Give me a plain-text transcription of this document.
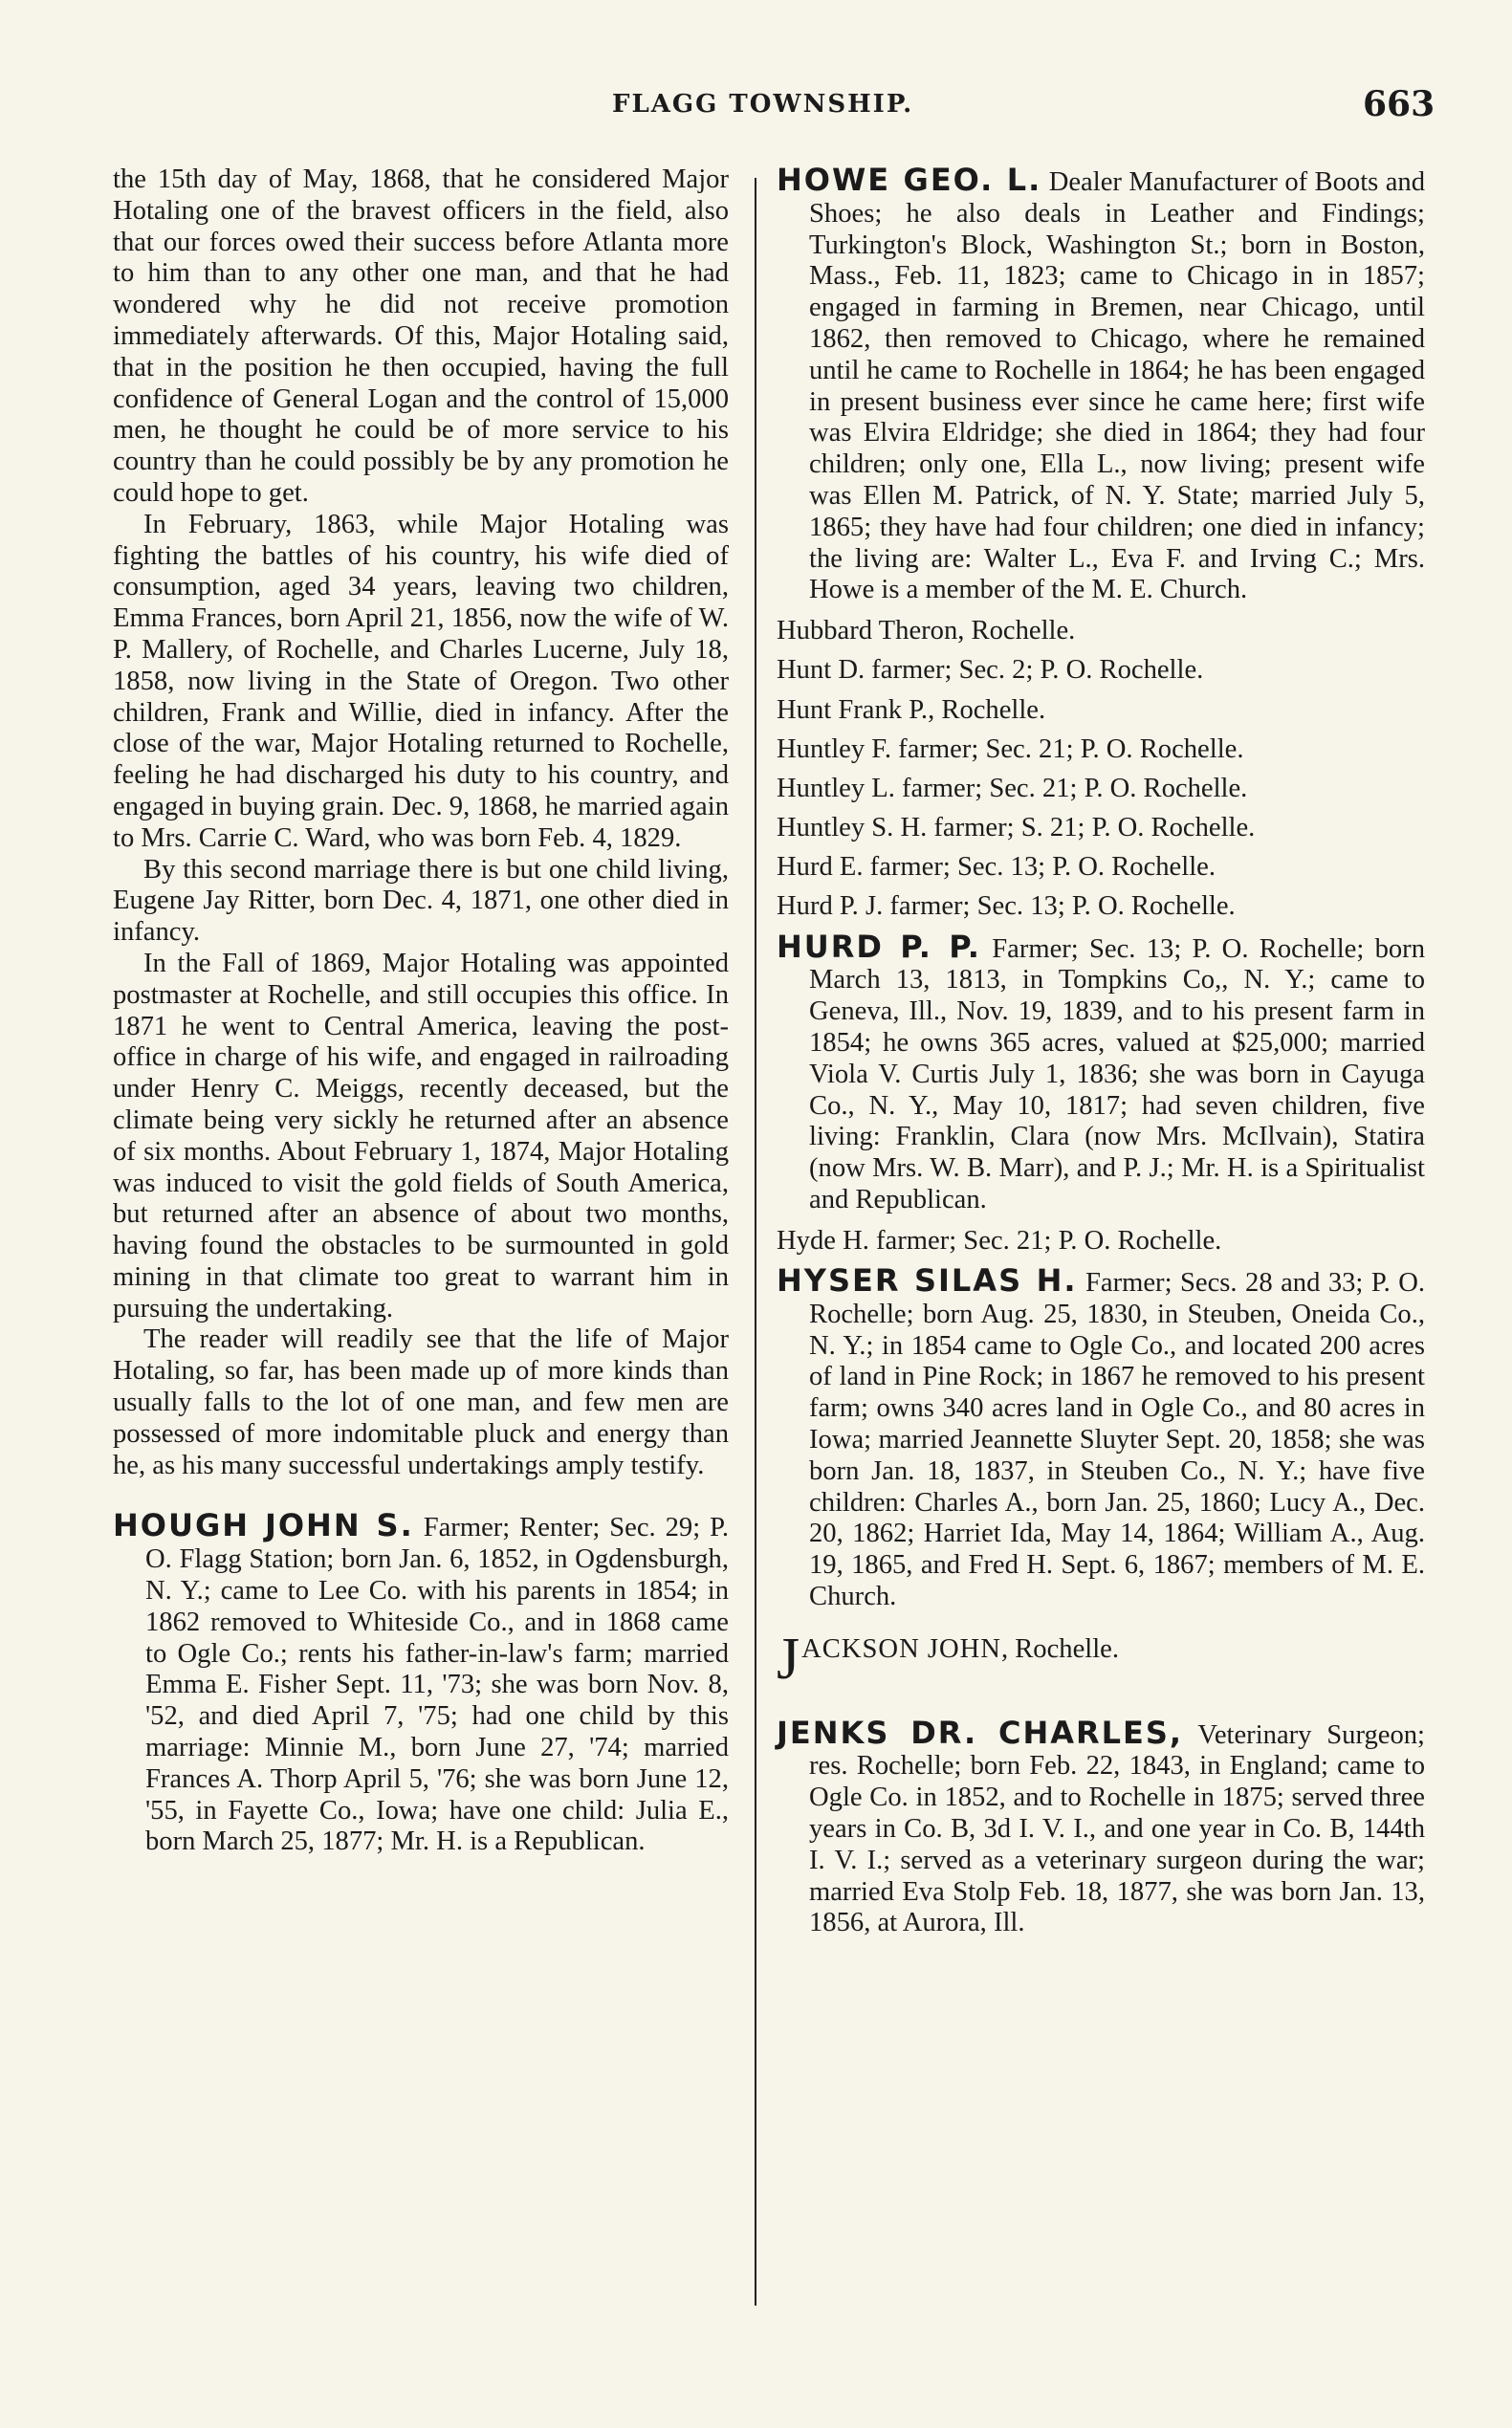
FLAGG TOWNSHIP.	663

the 15th day of May, 1868, that he considered Major Hotaling one of the bravest officers in the field, also that our forces owed their success before Atlanta more to him than to any other one man, and that he had wondered why he did not receive promotion immediately afterwards. Of this, Major Hotaling said, that in the position he then occupied, having the full confidence of General Logan and the control of 15,000 men, he thought he could be of more service to his country than he could possibly be by any promotion he could hope to get.

In February, 1863, while Major Hotaling was fighting the battles of his country, his wife died of consumption, aged 34 years, leaving two children, Emma Frances, born April 21, 1856, now the wife of W. P. Mallery, of Rochelle, and Charles Lucerne, July 18, 1858, now living in the State of Oregon. Two other children, Frank and Willie, died in infancy. After the close of the war, Major Hotaling returned to Rochelle, feeling he had discharged his duty to his country, and engaged in buying grain. Dec. 9, 1868, he married again to Mrs. Carrie C. Ward, who was born Feb. 4, 1829.

By this second marriage there is but one child living, Eugene Jay Ritter, born Dec. 4, 1871, one other died in infancy.

In the Fall of 1869, Major Hotaling was appointed postmaster at Rochelle, and still occupies this office. In 1871 he went to Central America, leaving the post-office in charge of his wife, and engaged in railroading under Henry C. Meiggs, recently deceased, but the climate being very sickly he returned after an absence of six months. About February 1, 1874, Major Hotaling was induced to visit the gold fields of South America, but returned after an absence of about two months, having found the obstacles to be surmounted in gold mining in that climate too great to warrant him in pursuing the undertaking.

The reader will readily see that the life of Major Hotaling, so far, has been made up of more kinds than usually falls to the lot of one man, and few men are possessed of more indomitable pluck and energy than he, as his many successful undertakings amply testify.

HOUGH JOHN S. Farmer; Renter; Sec. 29; P. O. Flagg Station; born Jan. 6, 1852, in Ogdensburgh, N. Y.; came to Lee Co. with his parents in 1854; in 1862 removed to Whiteside Co., and in 1868 came to Ogle Co.; rents his father-in-law's farm; married Emma E. Fisher Sept. 11, '73; she was born Nov. 8, '52, and died April 7, '75; had one child by this marriage: Minnie M., born June 27, '74; married Frances A. Thorp April 5, '76; she was born June 12, '55, in Fayette Co., Iowa; have one child: Julia E., born March 25, 1877; Mr. H. is a Republican.

HOWE GEO. L. Dealer Manufacturer of Boots and Shoes; he also deals in Leather and Findings; Turkington's Block, Washington St.; born in Boston, Mass., Feb. 11, 1823; came to Chicago in in 1857; engaged in farming in Bremen, near Chicago, until 1862, then removed to Chicago, where he remained until he came to Rochelle in 1864; he has been engaged in present business ever since he came here; first wife was Elvira Eldridge; she died in 1864; they had four children; only one, Ella L., now living; present wife was Ellen M. Patrick, of N. Y. State; married July 5, 1865; they have had four children; one died in infancy; the living are: Walter L., Eva F. and Irving C.; Mrs. Howe is a member of the M. E. Church.

Hubbard Theron, Rochelle.

Hunt D. farmer; Sec. 2; P. O. Rochelle.

Hunt Frank P., Rochelle.

Huntley F. farmer; Sec. 21; P. O. Rochelle.

Huntley L. farmer; Sec. 21; P. O. Rochelle.

Huntley S. H. farmer; S. 21; P. O. Rochelle.

Hurd E. farmer; Sec. 13; P. O. Rochelle.

Hurd P. J. farmer; Sec. 13; P. O. Rochelle.

HURD P. P. Farmer; Sec. 13; P. O. Rochelle; born March 13, 1813, in Tompkins Co,, N. Y.; came to Geneva, Ill., Nov. 19, 1839, and to his present farm in 1854; he owns 365 acres, valued at $25,000; married Viola V. Curtis July 1, 1836; she was born in Cayuga Co., N. Y., May 10, 1817; had seven children, five living: Franklin, Clara (now Mrs. McIlvain), Statira (now Mrs. W. B. Marr), and P. J.; Mr. H. is a Spiritualist and Republican.

Hyde H. farmer; Sec. 21; P. O. Rochelle.

HYSER SILAS H. Farmer; Secs. 28 and 33; P. O. Rochelle; born Aug. 25, 1830, in Steuben, Oneida Co., N. Y.; in 1854 came to Ogle Co., and located 200 acres of land in Pine Rock; in 1867 he removed to his present farm; owns 340 acres land in Ogle Co., and 80 acres in Iowa; married Jeannette Sluyter Sept. 20, 1858; she was born Jan. 18, 1837, in Steuben Co., N. Y.; have five children: Charles A., born Jan. 25, 1860; Lucy A., Dec. 20, 1862; Harriet Ida, May 14, 1864; William A., Aug. 19, 1865, and Fred H. Sept. 6, 1867; members of M. E. Church.

JACKSON JOHN, Rochelle.

JENKS DR. CHARLES, Veterinary Surgeon; res. Rochelle; born Feb. 22, 1843, in England; came to Ogle Co. in 1852, and to Rochelle in 1875; served three years in Co. B, 3d I. V. I., and one year in Co. B, 144th I. V. I.; served as a veterinary surgeon during the war; married Eva Stolp Feb. 18, 1877, she was born Jan. 13, 1856, at Aurora, Ill.
